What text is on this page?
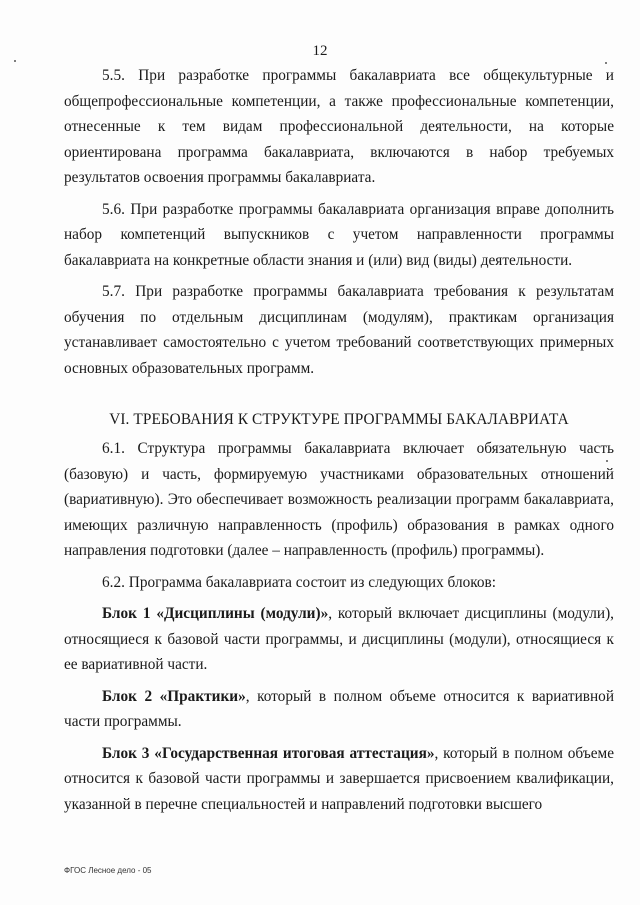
12

5.5. При разработке программы бакалавриата все общекультурные и общепрофессиональные компетенции, а также профессиональные компетенции, отнесенные к тем видам профессиональной деятельности, на которые ориентирована программа бакалавриата, включаются в набор требуемых результатов освоения программы бакалавриата.

5.6. При разработке программы бакалавриата организация вправе дополнить набор компетенций выпускников с учетом направленности программы бакалавриата на конкретные области знания и (или) вид (виды) деятельности.

5.7. При разработке программы бакалавриата требования к результатам обучения по отдельным дисциплинам (модулям), практикам организация устанавливает самостоятельно с учетом требований соответствующих примерных основных образовательных программ.

VI. ТРЕБОВАНИЯ К СТРУКТУРЕ ПРОГРАММЫ БАКАЛАВРИАТА

6.1. Структура программы бакалавриата включает обязательную часть (базовую) и часть, формируемую участниками образовательных отношений (вариативную). Это обеспечивает возможность реализации программ бакалавриата, имеющих различную направленность (профиль) образования в рамках одного направления подготовки (далее – направленность (профиль) программы).

6.2. Программа бакалавриата состоит из следующих блоков:

Блок 1 «Дисциплины (модули)», который включает дисциплины (модули), относящиеся к базовой части программы, и дисциплины (модули), относящиеся к ее вариативной части.

Блок 2 «Практики», который в полном объеме относится к вариативной части программы.

Блок 3 «Государственная итоговая аттестация», который в полном объеме относится к базовой части программы и завершается присвоением квалификации, указанной в перечне специальностей и направлений подготовки высшего

ФГОС Лесное дело - 05
